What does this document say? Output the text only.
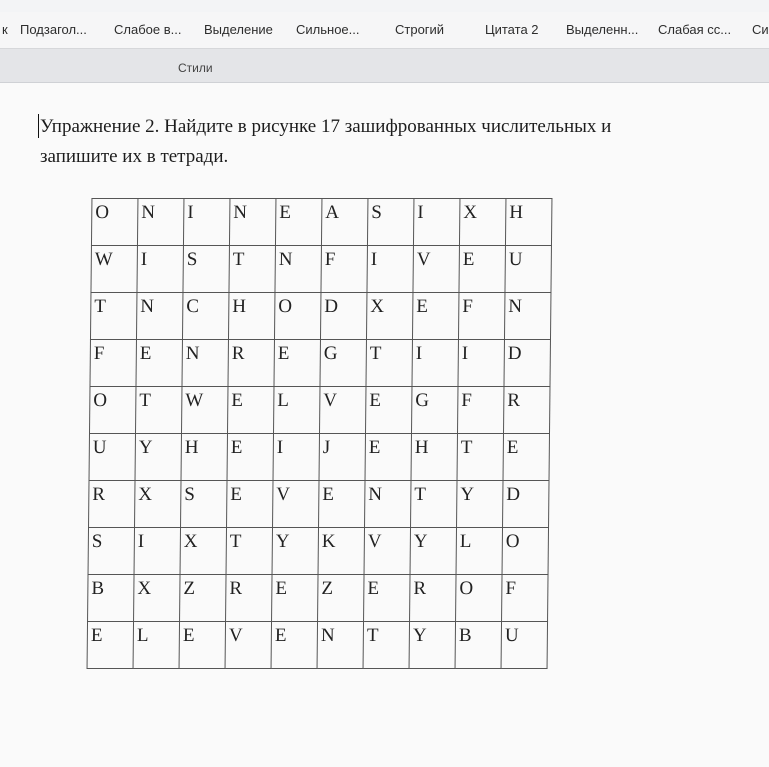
к Подзагол... Слабое в... Выделение Сильное...	Строгий	Цитата 2 Выделенн... Слабая сс... Си
Стили
Упражнение 2. Найдите в рисунке 17 зашифрованных числительных и
запишите их в тетради.
O	N	I	N	E	A	S	I	X	H
W	I	S	T	N	F	I	V	E	U
T	N	C	H	O	D	X	E	F	N
F	E	N	R	E	G	T	I	I	D
O	T	W	E	L	V	E	G	F	R
U	Y	H	E	I	J	E	H	T	E
R	X	S	E	V	E	N	T	Y	D
S	I	X	T	Y	K	V	Y	L	O
B	X	Z	R	E	Z	E	R	O	F
E	L	E	V	E	N	T	Y	B	U
